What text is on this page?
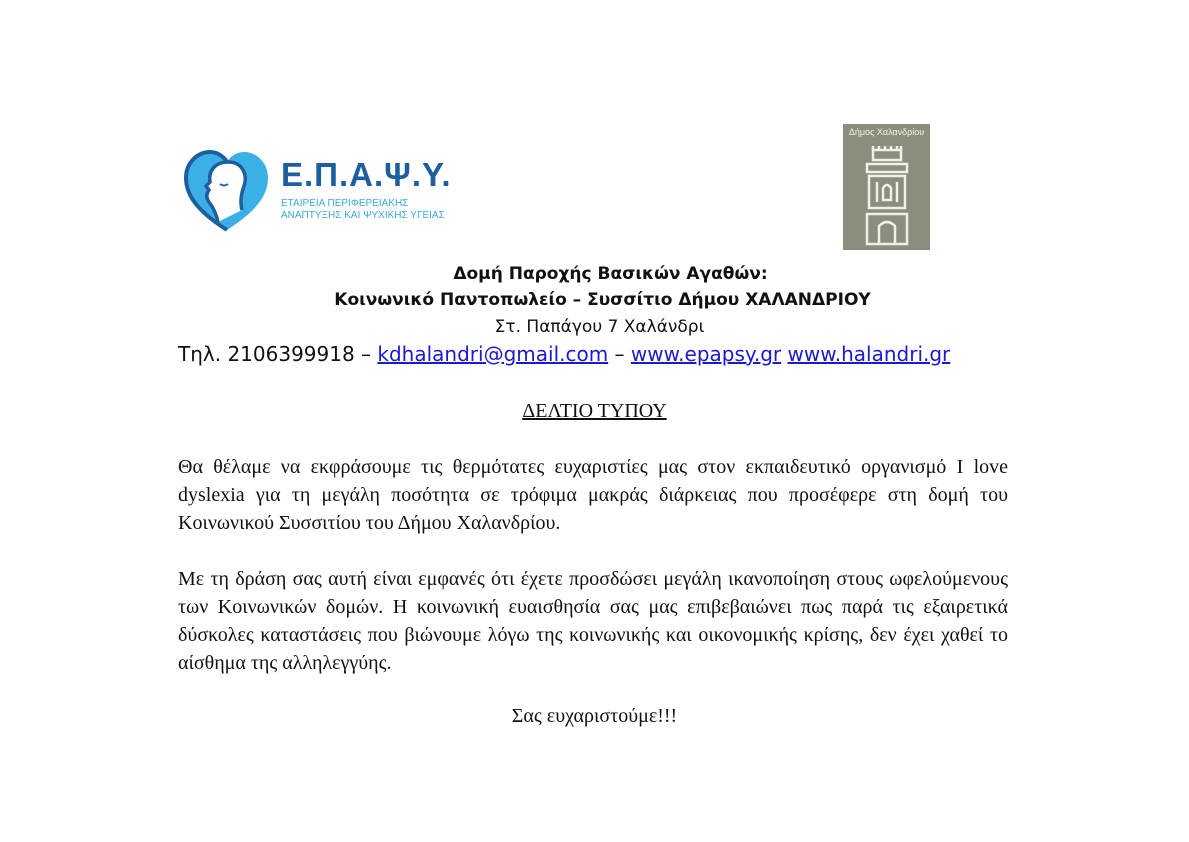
Ε.Π.Α.Ψ.Υ.
ΕΤΑΙΡΕΙΑ ΠΕΡΙΦΕΡΕΙΑΚΗΣ
ΑΝΑΠΤΥΞΗΣ ΚΑΙ ΨΥΧΙΚΗΣ ΥΓΕΙΑΣ
Δήμος Χαλανδρίου
Δομή Παροχής Βασικών Αγαθών:
Κοινωνικό Παντοπωλείο – Συσσίτιο Δήμου ΧΑΛΑΝΔΡΙΟΥ
Στ. Παπάγου 7 Χαλάνδρι
Τηλ. 2106399918 – kdhalandri@gmail.com – www.epapsy.gr www.halandri.gr
ΔΕΛΤΙΟ ΤΥΠΟΥ
Θα θέλαμε να εκφράσουμε τις θερμότατες ευχαριστίες μας στον εκπαιδευτικό οργανισμό I love dyslexia για τη μεγάλη ποσότητα σε τρόφιμα μακράς διάρκειας που προσέφερε στη δομή του Κοινωνικού Συσσιτίου του Δήμου Χαλανδρίου.
Με τη δράση σας αυτή είναι εμφανές ότι έχετε προσδώσει μεγάλη ικανοποίηση στους ωφελούμενους των Κοινωνικών δομών. Η κοινωνική ευαισθησία σας μας επιβεβαιώνει πως παρά τις εξαιρετικά δύσκολες καταστάσεις που βιώνουμε λόγω της κοινωνικής και οικονομικής κρίσης, δεν έχει χαθεί το αίσθημα της αλληλεγγύης.
Σας ευχαριστούμε!!!
